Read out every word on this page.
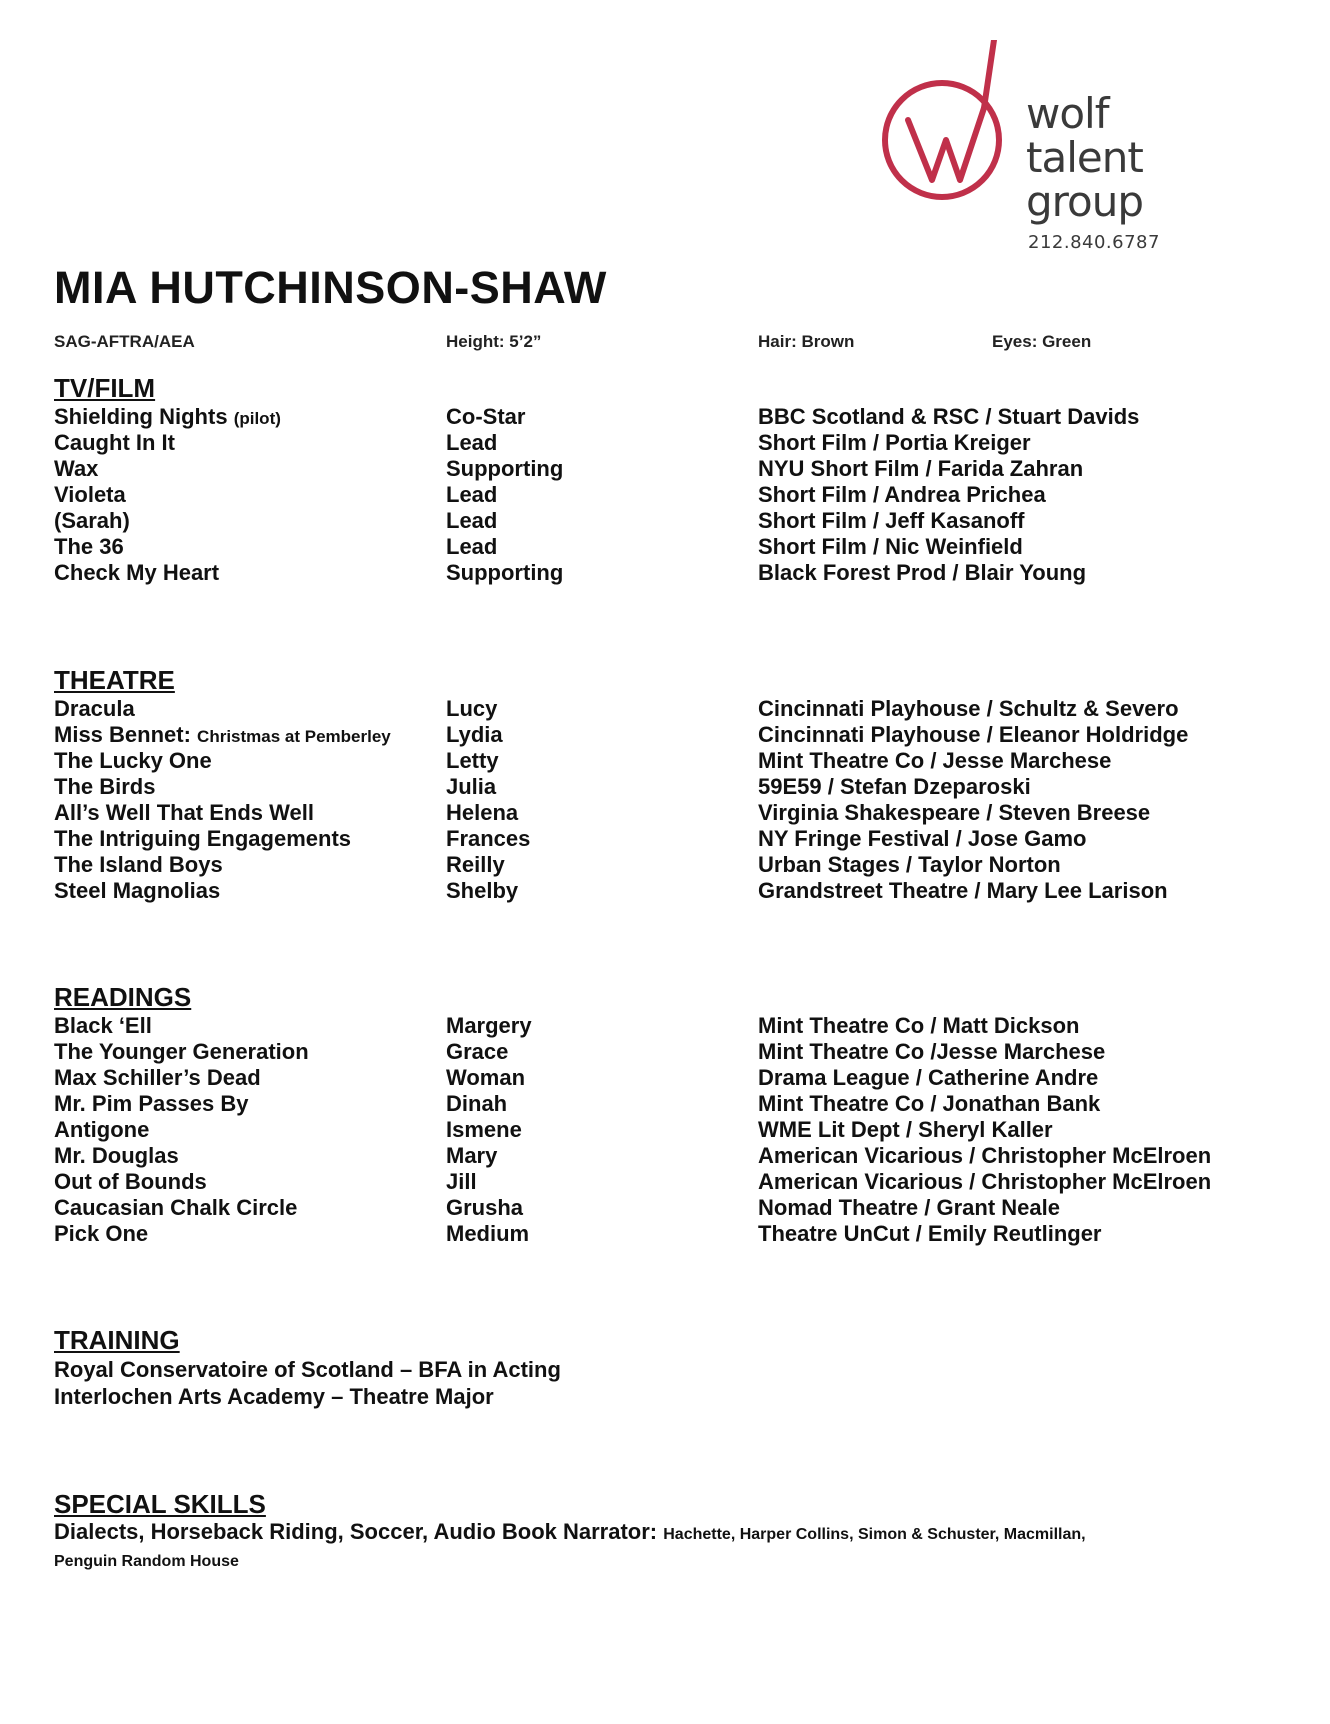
wolf
talent
group
212.840.6787
MIA HUTCHINSON-SHAW
SAG-AFTRA/AEA	Height: 5’2”	Hair: Brown	Eyes: Green
TV/FILM
Shielding Nights (pilot)	Co-Star	BBC Scotland & RSC / Stuart Davids
Caught In It	Lead	Short Film / Portia Kreiger
Wax	Supporting	NYU Short Film / Farida Zahran
Violeta	Lead	Short Film / Andrea Prichea
(Sarah)	Lead	Short Film / Jeff Kasanoff
The 36	Lead	Short Film / Nic Weinfield
Check My Heart	Supporting	Black Forest Prod / Blair Young
THEATRE
Dracula	Lucy	Cincinnati Playhouse / Schultz & Severo
Miss Bennet: Christmas at Pemberley	Lydia	Cincinnati Playhouse / Eleanor Holdridge
The Lucky One	Letty	Mint Theatre Co / Jesse Marchese
The Birds	Julia	59E59 / Stefan Dzeparoski
All’s Well That Ends Well	Helena	Virginia Shakespeare / Steven Breese
The Intriguing Engagements	Frances	NY Fringe Festival / Jose Gamo
The Island Boys	Reilly	Urban Stages / Taylor Norton
Steel Magnolias	Shelby	Grandstreet Theatre / Mary Lee Larison
READINGS
Black ‘Ell	Margery	Mint Theatre Co / Matt Dickson
The Younger Generation	Grace	Mint Theatre Co /Jesse Marchese
Max Schiller’s Dead	Woman	Drama League / Catherine Andre
Mr. Pim Passes By	Dinah	Mint Theatre Co / Jonathan Bank
Antigone	Ismene	WME Lit Dept / Sheryl Kaller
Mr. Douglas	Mary	American Vicarious / Christopher McElroen
Out of Bounds	Jill	American Vicarious / Christopher McElroen
Caucasian Chalk Circle	Grusha	Nomad Theatre / Grant Neale
Pick One	Medium	Theatre UnCut / Emily Reutlinger
TRAINING
Royal Conservatoire of Scotland – BFA in Acting
Interlochen Arts Academy – Theatre Major
SPECIAL SKILLS
Dialects, Horseback Riding, Soccer, Audio Book Narrator: Hachette, Harper Collins, Simon & Schuster, Macmillan,
Penguin Random House
